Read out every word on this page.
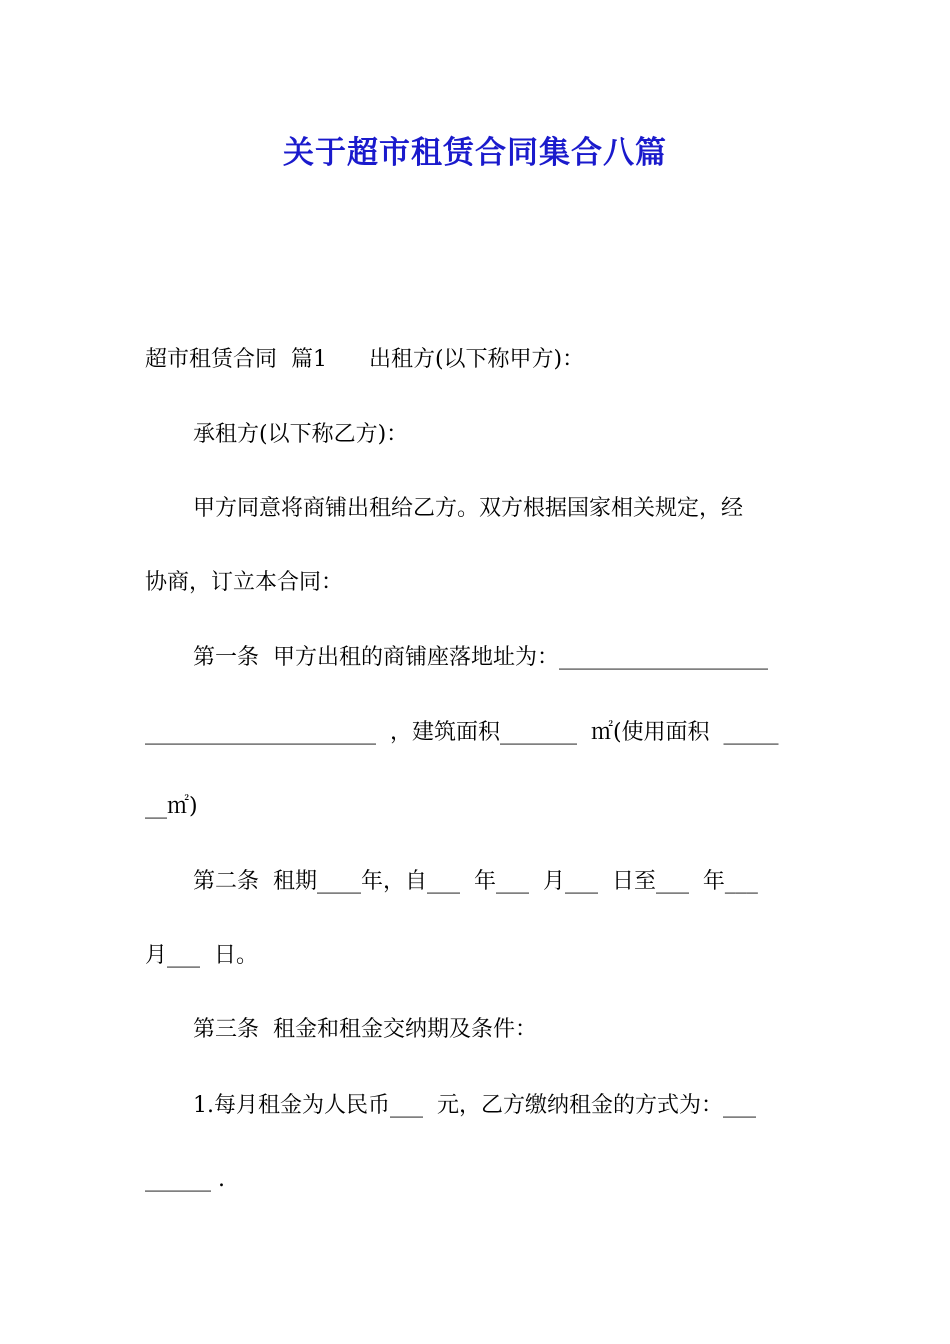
关于超市租赁合同集合八篇

超市租赁合同  篇1      出租方(以下称甲方)：

承租方(以下称乙方)：

甲方同意将商铺出租给乙方。双方根据国家相关规定，经

协商，订立本合同：

第一条  甲方出租的商铺座落地址为：___________________

_____________________  ，建筑面积_______  ㎡(使用面积  _____

__㎡)

第二条  租期____年，自___  年___  月___  日至___  年___

月___  日。

第三条  租金和租金交纳期及条件：

1.每月租金为人民币___  元，乙方缴纳租金的方式为：___

______ .
